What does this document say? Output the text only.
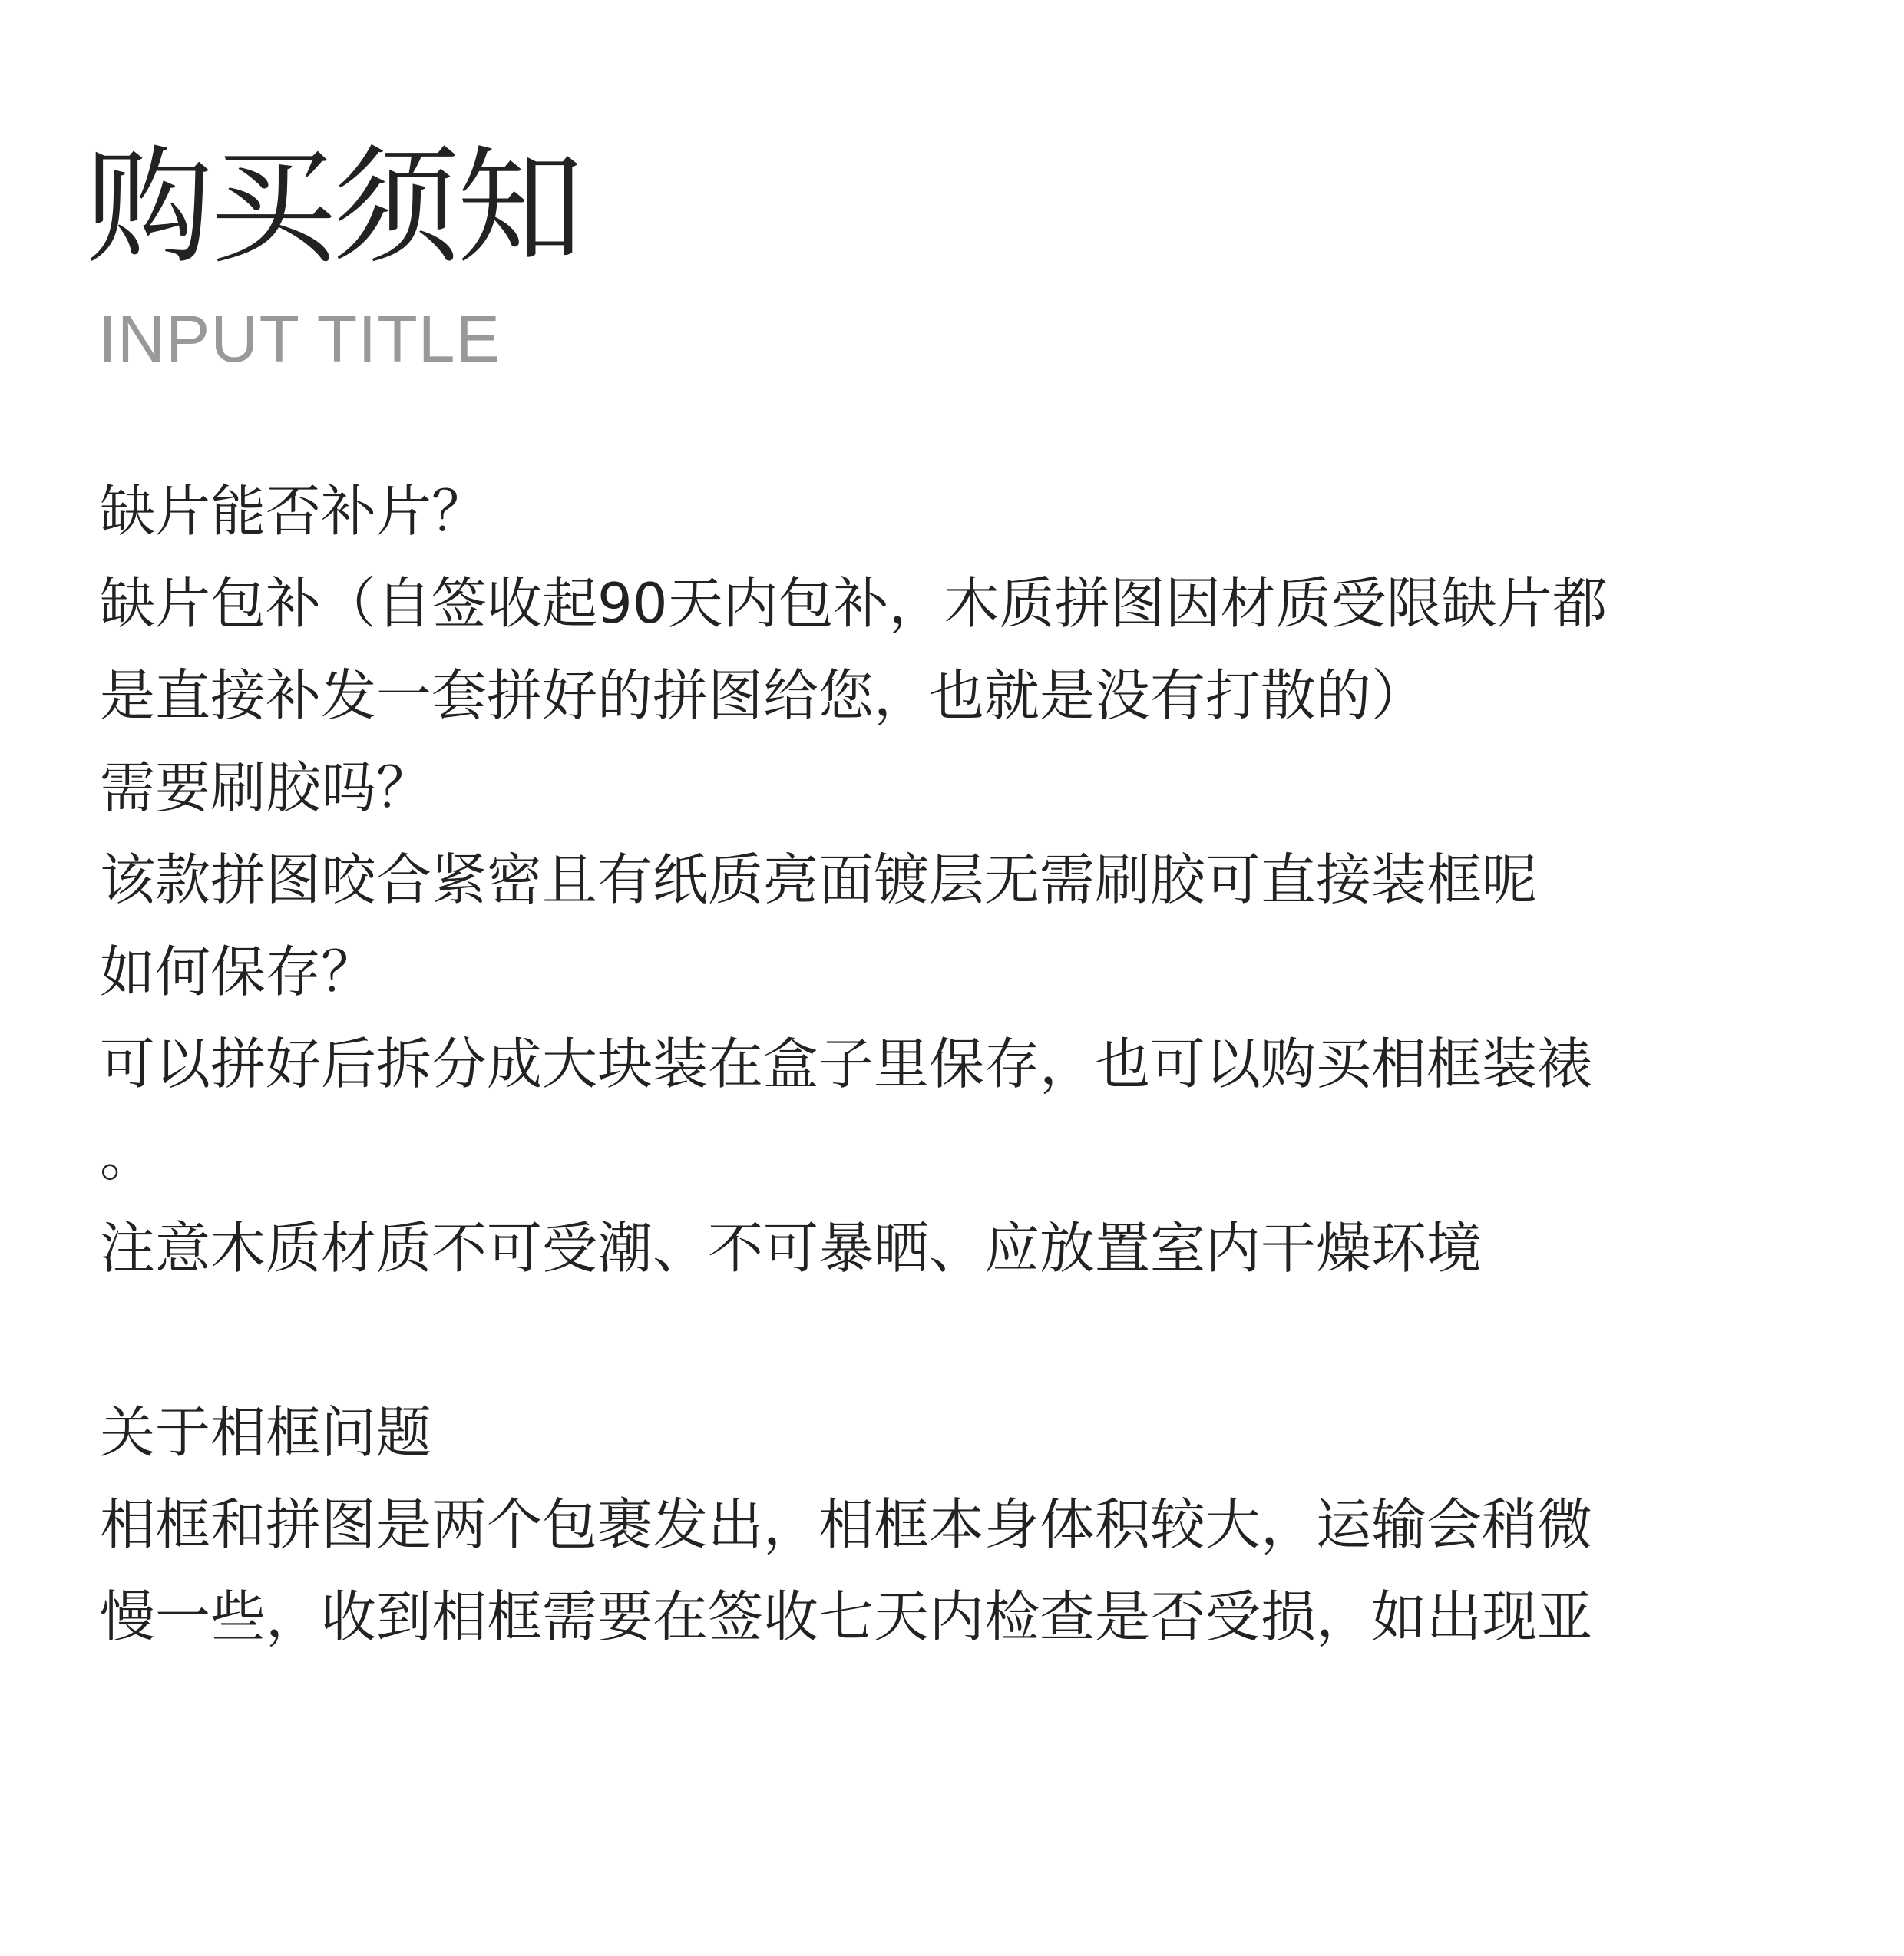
购买须知
INPUT TITLE
缺片能否补片？
缺片包补（自签收起90天内包补，木质拼图因材质受限缺片都
是直接补发一套拼好的拼图给您，也就是没有打散的）
需要刷胶吗？
该款拼图咬合紧密且有纸质亮面镀层无需刷胶可直接装框呢
如何保存？
可以拼好后拆分成大块装在盒子里保存，也可以购买相框装裱
。
注意木质材质不可受潮、不可暴晒、应放置室内干燥环境
关于相框问题
相框和拼图是两个包裹发出，相框本身体积较大，运输会稍微
慢一些，收到相框需要在签收七天内检查是否受损，如出现亚
